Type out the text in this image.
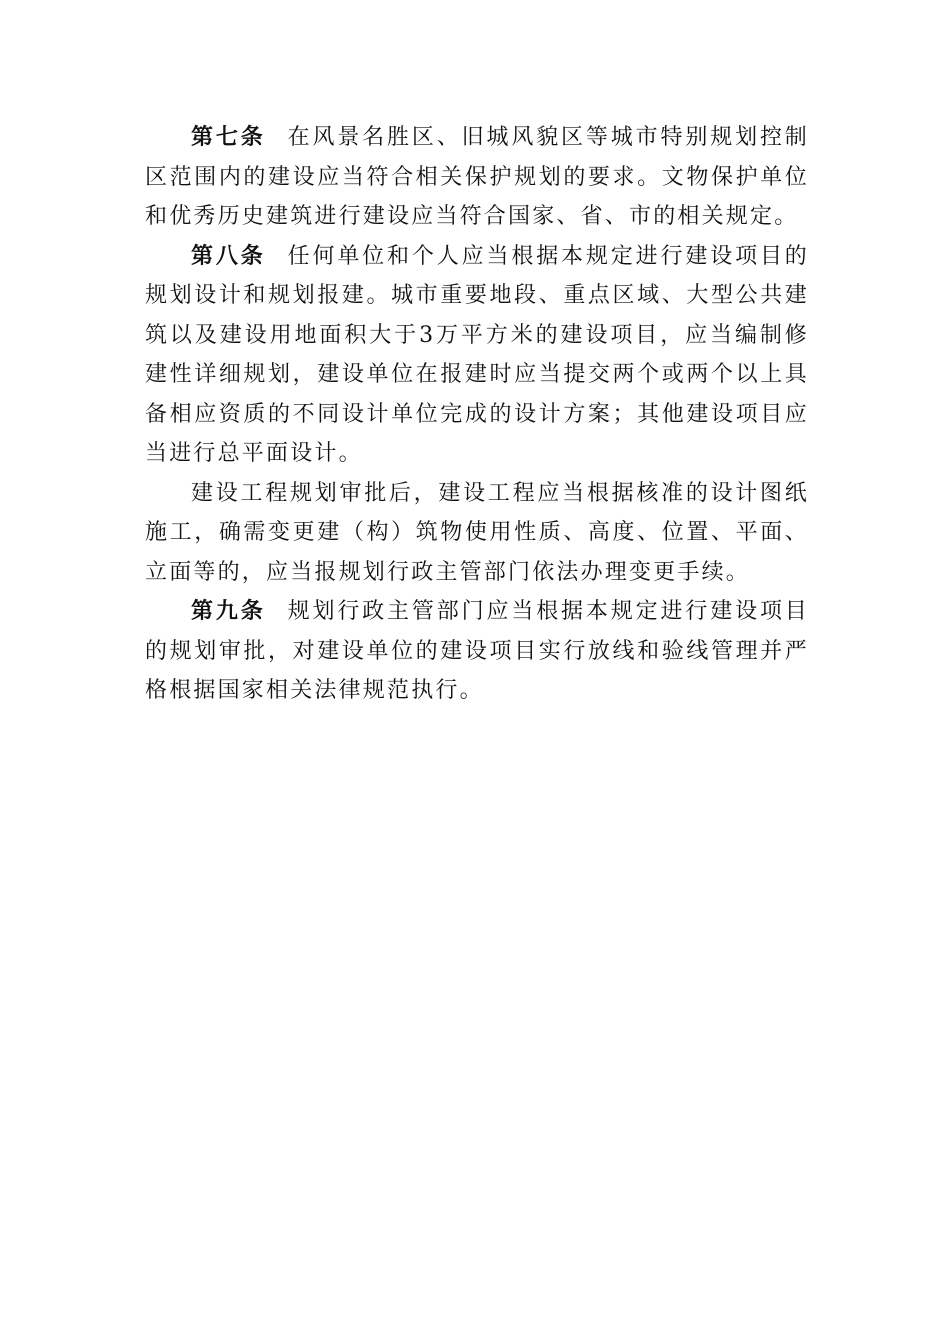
第七条 在风景名胜区、旧城风貌区等城市特别规划控制区范围内的建设应当符合相关保护规划的要求。文物保护单位和优秀历史建筑进行建设应当符合国家、省、市的相关规定。

第八条 任何单位和个人应当根据本规定进行建设项目的规划设计和规划报建。城市重要地段、重点区域、大型公共建筑以及建设用地面积大于3万平方米的建设项目，应当编制修建性详细规划，建设单位在报建时应当提交两个或两个以上具备相应资质的不同设计单位完成的设计方案；其他建设项目应当进行总平面设计。

建设工程规划审批后，建设工程应当根据核准的设计图纸施工，确需变更建（构）筑物使用性质、高度、位置、平面、立面等的，应当报规划行政主管部门依法办理变更手续。

第九条 规划行政主管部门应当根据本规定进行建设项目的规划审批，对建设单位的建设项目实行放线和验线管理并严格根据国家相关法律规范执行。
